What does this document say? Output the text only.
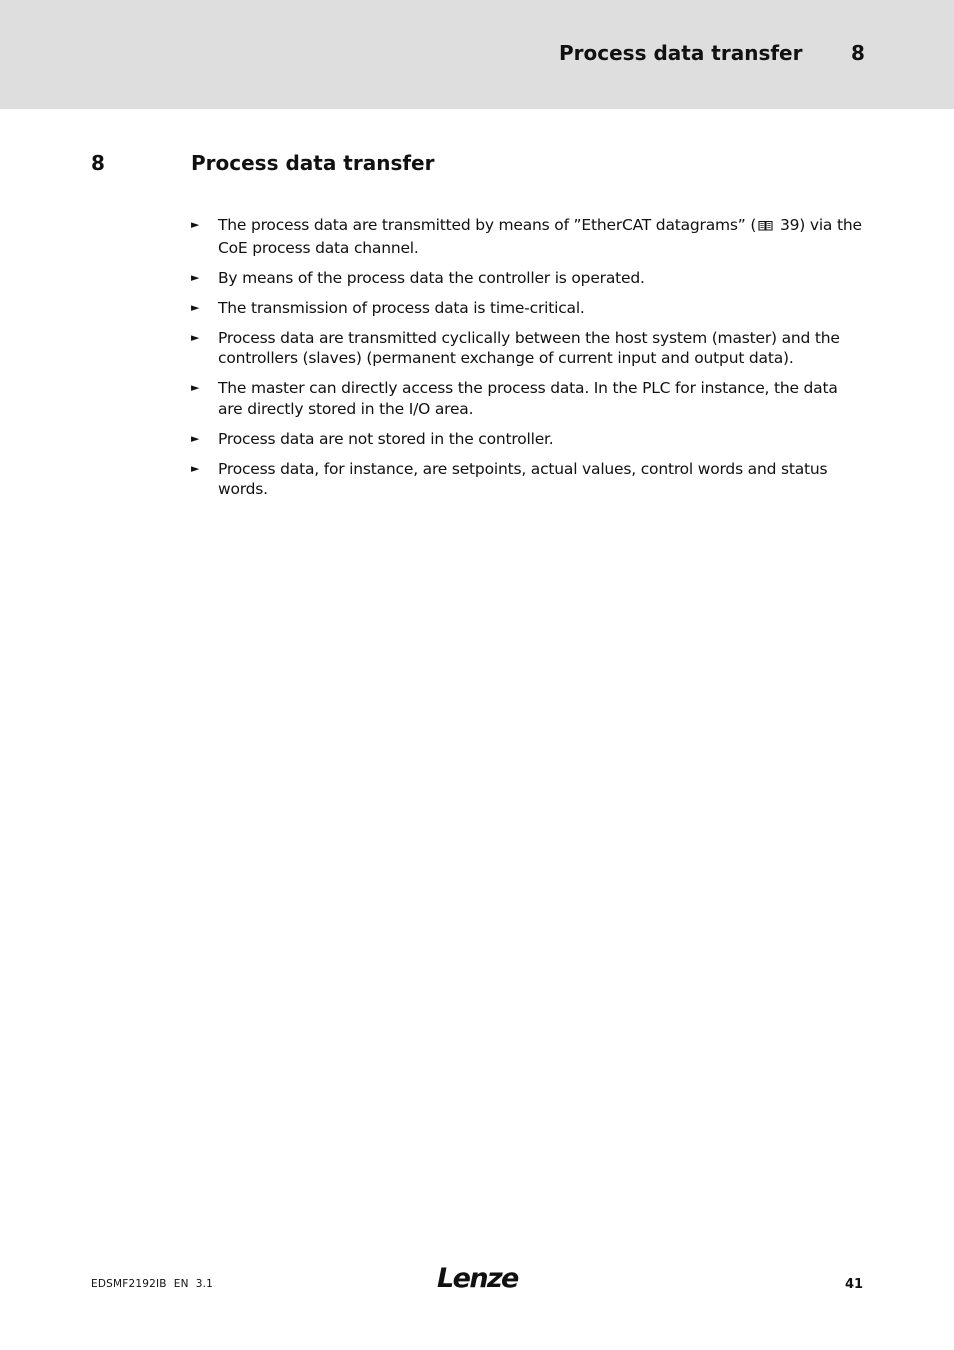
Process data transfer 8
8	Process data transfer
►	The process data are transmitted by means of ”EtherCAT datagrams” ( 39) via the CoE process data channel.
►	By means of the process data the controller is operated.
►	The transmission of process data is time-critical.
►	Process data are transmitted cyclically between the host system (master) and the controllers (slaves) (permanent exchange of current input and output data).
►	The master can directly access the process data. In the PLC for instance, the data are directly stored in the I/O area.
►	Process data are not stored in the controller.
►	Process data, for instance, are setpoints, actual values, control words and status words.
EDSMF2192IB  EN  3.1	Lenze	41
